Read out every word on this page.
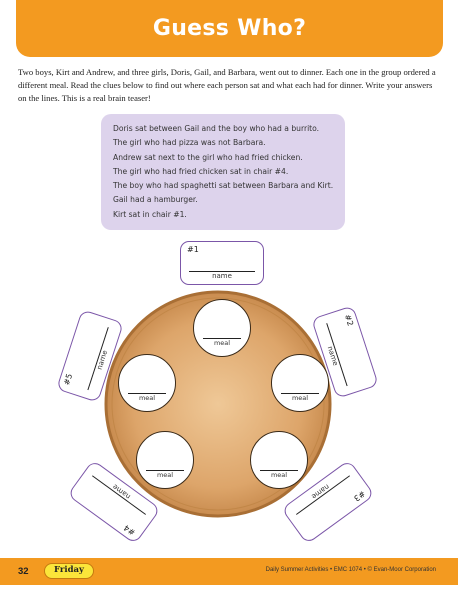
Guess Who?
Two boys, Kirt and Andrew, and three girls, Doris, Gail, and Barbara, went out to dinner. Each one in the group ordered a different meal. Read the clues below to find out where each person sat and what each had for dinner. Write your answers on the lines. This is a real brain teaser!
Doris sat between Gail and the boy who had a burrito.
The girl who had pizza was not Barbara.
Andrew sat next to the girl who had fried chicken.
The girl who had fried chicken sat in chair #4.
The boy who had spaghetti sat between Barbara and Kirt.
Gail had a hamburger.
Kirt sat in chair #1.
#1
name
#2
name
#3
name
#4
name
#5
name
meal
meal
meal
meal
meal
32	Friday	Daily Summer Activities • EMC 1074 • © Evan-Moor Corporation
